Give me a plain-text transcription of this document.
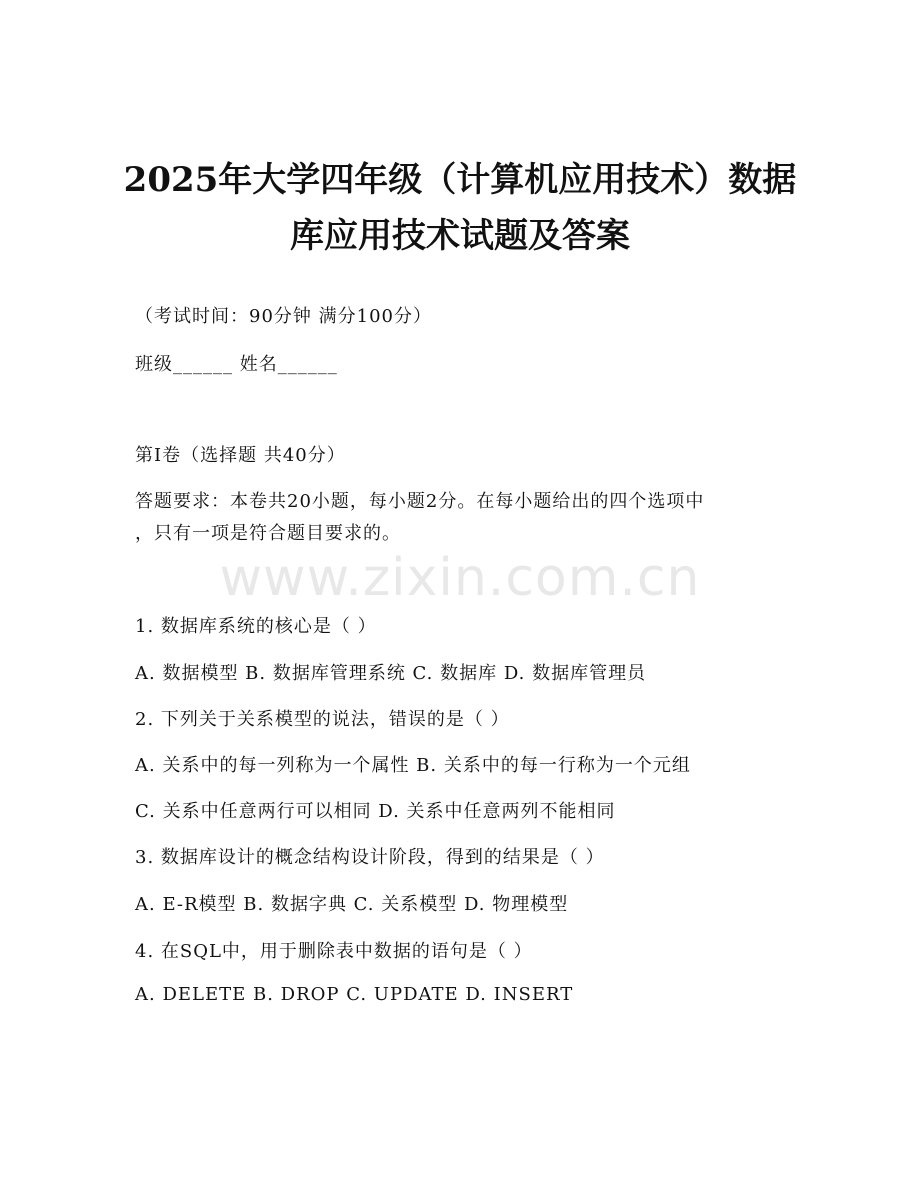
2025年大学四年级（计算机应用技术）数据
库应用技术试题及答案
（考试时间：90分钟 满分100分）
班级______ 姓名______
第I卷（选择题 共40分）
答题要求：本卷共20小题，每小题2分。在每小题给出的四个选项中
，只有一项是符合题目要求的。
www.zixin.com.cn
1. 数据库系统的核心是（ ）
A. 数据模型 B. 数据库管理系统 C. 数据库 D. 数据库管理员
2. 下列关于关系模型的说法，错误的是（ ）
A. 关系中的每一列称为一个属性 B. 关系中的每一行称为一个元组
C. 关系中任意两行可以相同 D. 关系中任意两列不能相同
3. 数据库设计的概念结构设计阶段，得到的结果是（ ）
A. E-R模型 B. 数据字典 C. 关系模型 D. 物理模型
4. 在SQL中，用于删除表中数据的语句是（ ）
A. DELETE B. DROP C. UPDATE D. INSERT
